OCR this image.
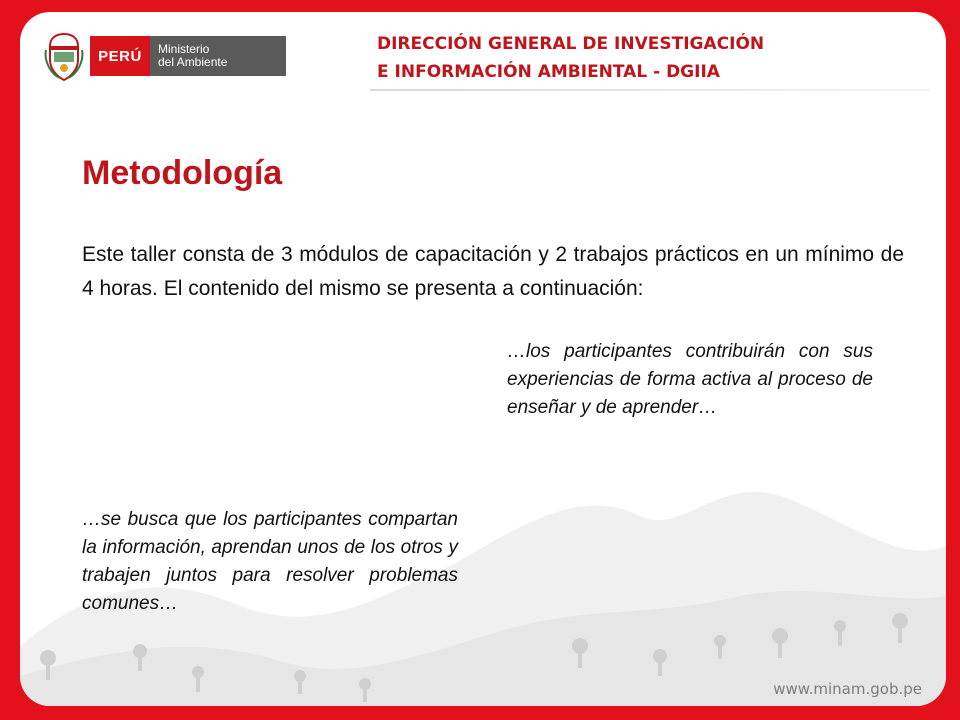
PERÚ	Ministerio
del Ambiente
DIRECCIÓN GENERAL DE INVESTIGACIÓN
E INFORMACIÓN AMBIENTAL - DGIIA
Metodología

Este taller consta de 3 módulos de capacitación y 2 trabajos prácticos en un mínimo de 4 horas. El contenido del mismo se presenta a continuación:

…los participantes contribuirán con sus experiencias de forma activa al proceso de enseñar y de aprender…

…se busca que los participantes compartan la información, aprendan unos de los otros y trabajen juntos para resolver problemas comunes…

www.minam.gob.pe
